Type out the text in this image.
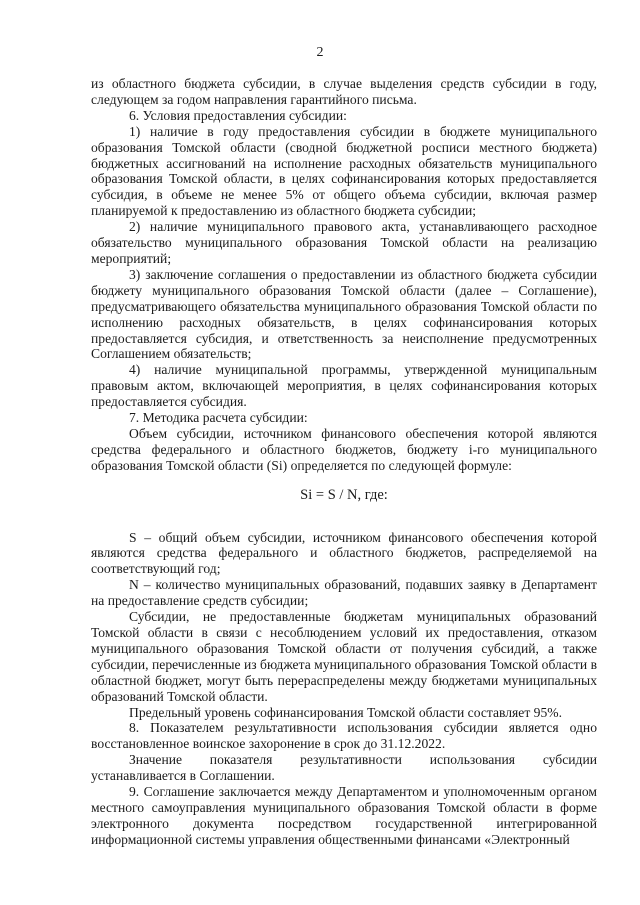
2

из областного бюджета субсидии, в случае выделения средств субсидии в году, следующем за годом направления гарантийного письма.

6. Условия предоставления субсидии:

1) наличие в году предоставления субсидии в бюджете муниципального образования Томской области (сводной бюджетной росписи местного бюджета) бюджетных ассигнований на исполнение расходных обязательств муниципального образования Томской области, в целях софинансирования которых предоставляется субсидия, в объеме не менее 5% от общего объема субсидии, включая размер планируемой к предоставлению из областного бюджета субсидии;

2) наличие муниципального правового акта, устанавливающего расходное обязательство муниципального образования Томской области на реализацию мероприятий;

3) заключение соглашения о предоставлении из областного бюджета субсидии бюджету муниципального образования Томской области (далее – Соглашение), предусматривающего обязательства муниципального образования Томской области по исполнению расходных обязательств, в целях софинансирования которых предоставляется субсидия, и ответственность за неисполнение предусмотренных Соглашением обязательств;

4) наличие муниципальной программы, утвержденной муниципальным правовым актом, включающей мероприятия, в целях софинансирования которых предоставляется субсидия.

7. Методика расчета субсидии:

Объем субсидии, источником финансового обеспечения которой являются средства федерального и областного бюджетов, бюджету i-го муниципального образования Томской области (Si) определяется по следующей формуле:

Si = S / N, где:

S – общий объем субсидии, источником финансового обеспечения которой являются средства федерального и областного бюджетов, распределяемой на соответствующий год;

N – количество муниципальных образований, подавших заявку в Департамент на предоставление средств субсидии;

Субсидии, не предоставленные бюджетам муниципальных образований Томской области в связи с несоблюдением условий их предоставления, отказом муниципального образования Томской области от получения субсидий, а также субсидии, перечисленные из бюджета муниципального образования Томской области в областной бюджет, могут быть перераспределены между бюджетами муниципальных образований Томской области.

Предельный уровень софинансирования Томской области составляет 95%.

8. Показателем результативности использования субсидии является одно восстановленное воинское захоронение в срок до 31.12.2022.

Значение показателя результативности использования субсидии устанавливается в Соглашении.

9. Соглашение заключается между Департаментом и уполномоченным органом местного самоуправления муниципального образования Томской области в форме электронного документа посредством государственной интегрированной информационной системы управления общественными финансами «Электронный
